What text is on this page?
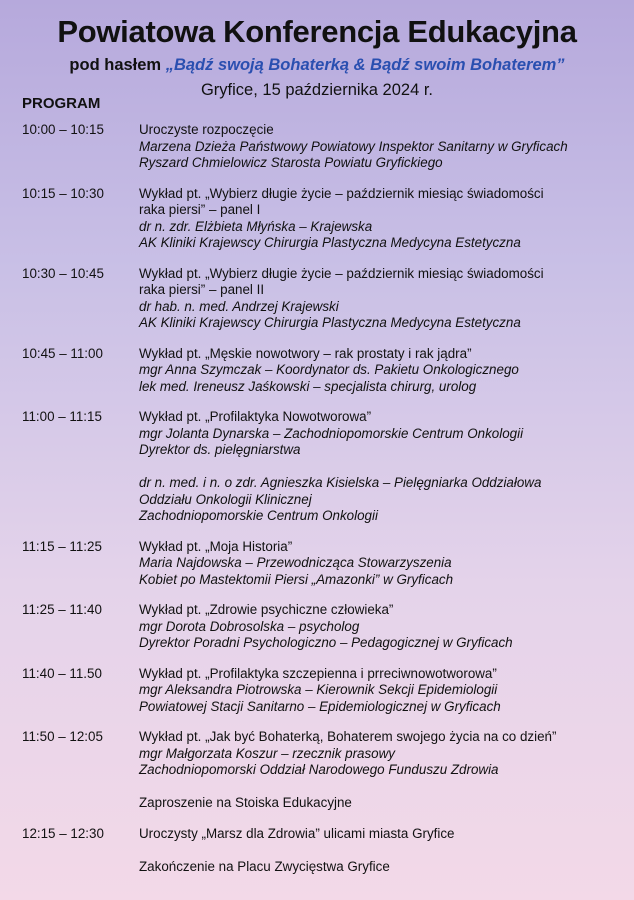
Powiatowa Konferencja Edukacyjna

pod hasłem „Bądź swoją Bohaterką & Bądź swoim Bohaterem”

Gryfice, 15 października 2024 r.

PROGRAM

10:00 – 10:15	Uroczyste rozpoczęcie
Marzena Dzieża Państwowy Powiatowy Inspektor Sanitarny w Gryficach
Ryszard Chmielowicz Starosta Powiatu Gryfickiego
10:15 – 10:30	Wykład pt. „Wybierz długie życie – październik miesiąc świadomości
raka piersi” – panel I
dr n. zdr. Elżbieta Młyńska – Krajewska
AK Kliniki Krajewscy Chirurgia Plastyczna Medycyna Estetyczna
10:30 – 10:45	Wykład pt. „Wybierz długie życie – październik miesiąc świadomości
raka piersi” – panel II
dr hab. n. med. Andrzej Krajewski
AK Kliniki Krajewscy Chirurgia Plastyczna Medycyna Estetyczna
10:45 – 11:00	Wykład pt. „Męskie nowotwory – rak prostaty i rak jądra”
mgr Anna Szymczak – Koordynator ds. Pakietu Onkologicznego
lek med. Ireneusz Jaśkowski – specjalista chirurg, urolog
11:00 – 11:15	Wykład pt. „Profilaktyka Nowotworowa”
mgr Jolanta Dynarska – Zachodniopomorskie Centrum Onkologii
Dyrektor ds. pielęgniarstwa
dr n. med. i n. o zdr. Agnieszka Kisielska – Pielęgniarka Oddziałowa
Oddziału Onkologii Klinicznej
Zachodniopomorskie Centrum Onkologii
11:15 – 11:25	Wykład pt. „Moja Historia”
Maria Najdowska – Przewodnicząca Stowarzyszenia
Kobiet po Mastektomii Piersi „Amazonki” w Gryficach
11:25 – 11:40	Wykład pt. „Zdrowie psychiczne człowieka”
mgr Dorota Dobrosolska – psycholog
Dyrektor Poradni Psychologiczno – Pedagogicznej w Gryficach
11:40 – 11.50	Wykład pt. „Profilaktyka szczepienna i prreciwnowotworowa”
mgr Aleksandra Piotrowska – Kierownik Sekcji Epidemiologii
Powiatowej Stacji Sanitarno – Epidemiologicznej w Gryficach
11:50 – 12:05	Wykład pt. „Jak być Bohaterką, Bohaterem swojego życia na co dzień”
mgr Małgorzata Koszur – rzecznik prasowy
Zachodniopomorski Oddział Narodowego Funduszu Zdrowia
Zaproszenie na Stoiska Edukacyjne
12:15 – 12:30	Uroczysty „Marsz dla Zdrowia” ulicami miasta Gryfice
Zakończenie na Placu Zwycięstwa Gryfice
